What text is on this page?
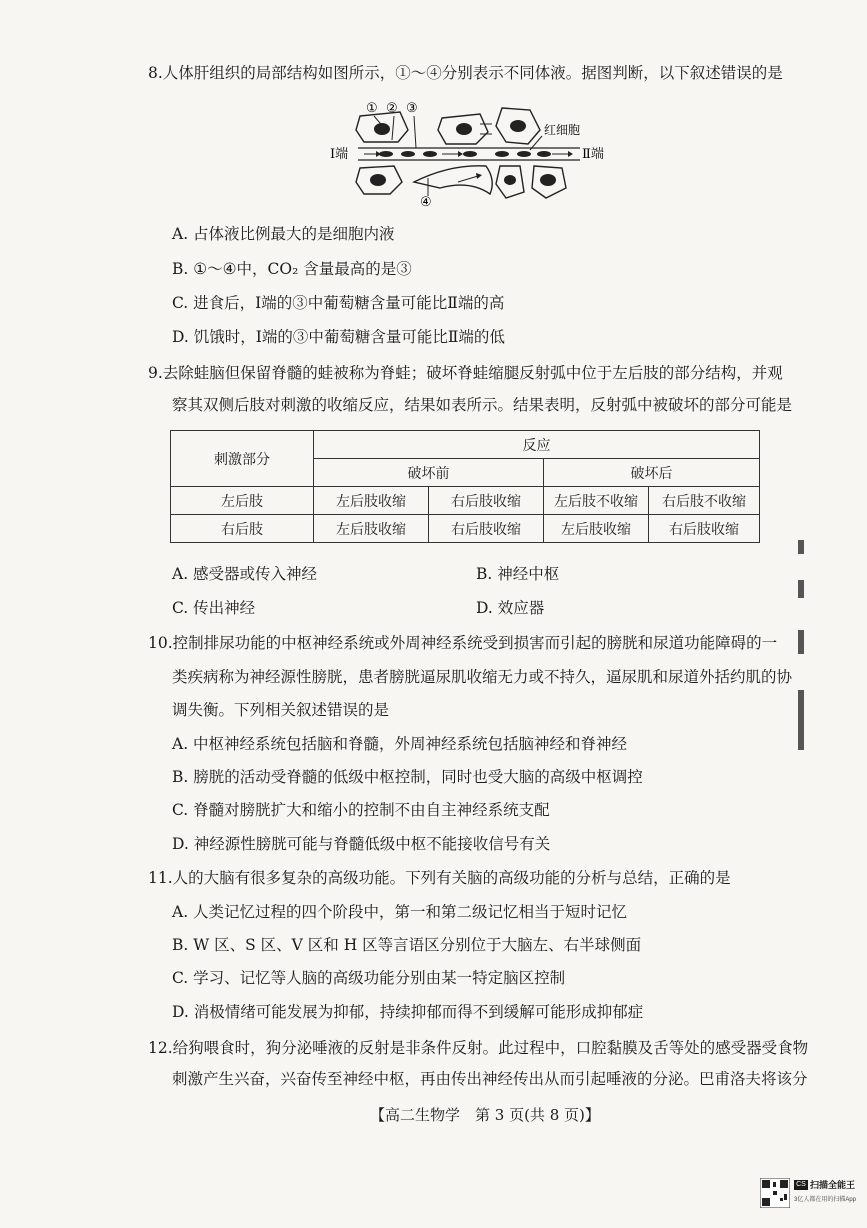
8.人体肝组织的局部结构如图所示，①～④分别表示不同体液。据图判断，以下叙述错误的是
① ② ③
Ⅰ端	Ⅱ端
红细胞
④
A. 占体液比例最大的是细胞内液
B. ①～④中，CO₂ 含量最高的是③
C. 进食后，Ⅰ端的③中葡萄糖含量可能比Ⅱ端的高
D. 饥饿时，Ⅰ端的③中葡萄糖含量可能比Ⅱ端的低
9.去除蛙脑但保留脊髓的蛙被称为脊蛙；破坏脊蛙缩腿反射弧中位于左后肢的部分结构，并观
察其双侧后肢对刺激的收缩反应，结果如表所示。结果表明，反射弧中被破坏的部分可能是
刺激部分	反应			
	破坏前		破坏后	
左后肢	左后肢收缩	右后肢收缩	左后肢不收缩	右后肢不收缩
右后肢	左后肢收缩	右后肢收缩	左后肢收缩	右后肢收缩
A. 感受器或传入神经	B. 神经中枢
C. 传出神经	D. 效应器
10.控制排尿功能的中枢神经系统或外周神经系统受到损害而引起的膀胱和尿道功能障碍的一
类疾病称为神经源性膀胱，患者膀胱逼尿肌收缩无力或不持久，逼尿肌和尿道外括约肌的协
调失衡。下列相关叙述错误的是
A. 中枢神经系统包括脑和脊髓，外周神经系统包括脑神经和脊神经
B. 膀胱的活动受脊髓的低级中枢控制，同时也受大脑的高级中枢调控
C. 脊髓对膀胱扩大和缩小的控制不由自主神经系统支配
D. 神经源性膀胱可能与脊髓低级中枢不能接收信号有关
11.人的大脑有很多复杂的高级功能。下列有关脑的高级功能的分析与总结，正确的是
A. 人类记忆过程的四个阶段中，第一和第二级记忆相当于短时记忆
B. W 区、S 区、V 区和 H 区等言语区分别位于大脑左、右半球侧面
C. 学习、记忆等人脑的高级功能分别由某一特定脑区控制
D. 消极情绪可能发展为抑郁，持续抑郁而得不到缓解可能形成抑郁症
12.给狗喂食时，狗分泌唾液的反射是非条件反射。此过程中，口腔黏膜及舌等处的感受器受食物
刺激产生兴奋，兴奋传至神经中枢，再由传出神经传出从而引起唾液的分泌。巴甫洛夫将该分
【高二生物学　第 3 页(共 8 页)】
CS 扫描全能王
3亿人都在用的扫描App
